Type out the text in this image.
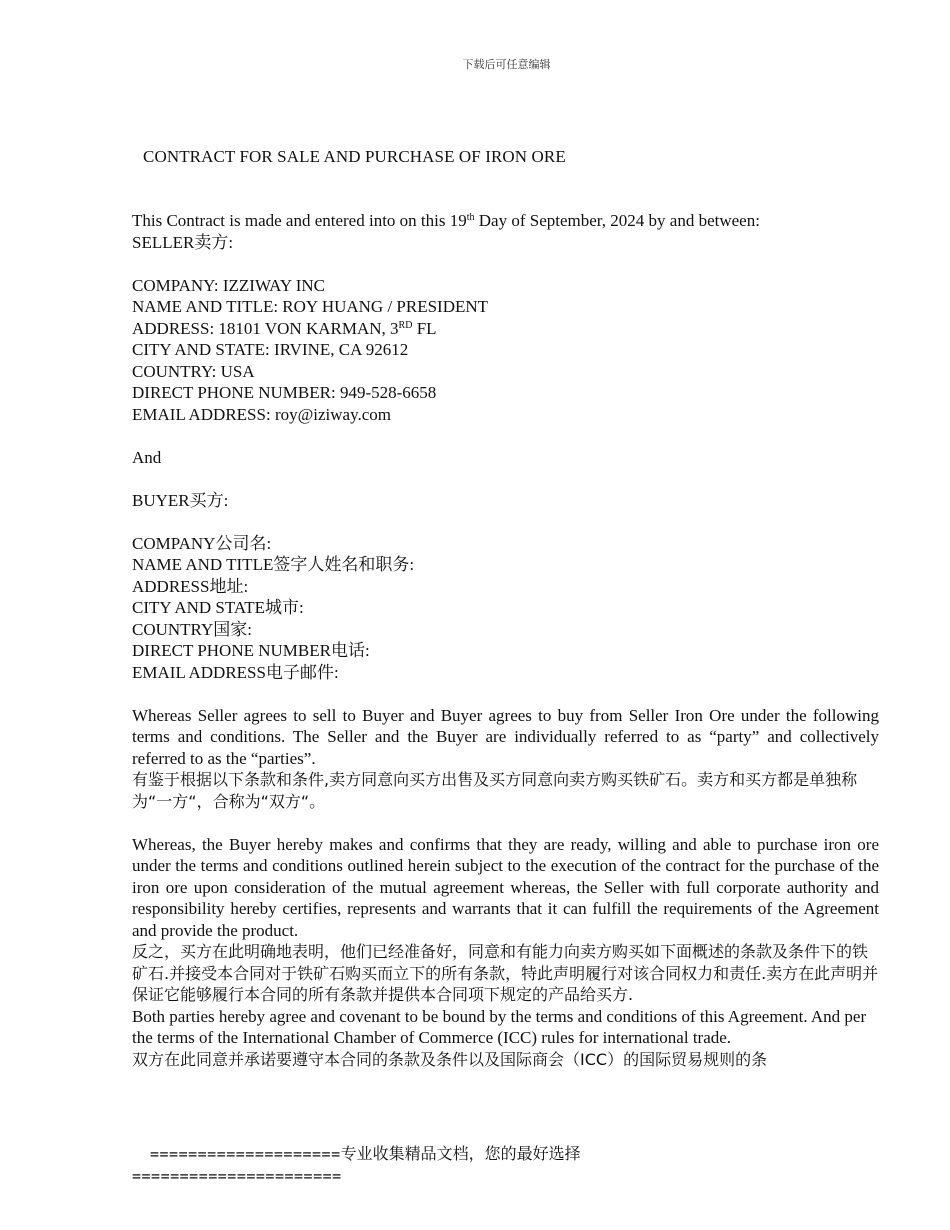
下载后可任意编辑
CONTRACT FOR SALE AND PURCHASE OF IRON ORE
This Contract is made and entered into on this 19th Day of September, 2024 by and between:
SELLER卖方:
COMPANY: IZZIWAY INC
NAME AND TITLE: ROY HUANG / PRESIDENT
ADDRESS: 18101 VON KARMAN, 3RD FL
CITY AND STATE: IRVINE, CA 92612
COUNTRY: USA
DIRECT PHONE NUMBER: 949-528-6658
EMAIL ADDRESS: roy@iziway.com
And
BUYER买方:
COMPANY公司名:
NAME AND TITLE签字人姓名和职务:
ADDRESS地址:
CITY AND STATE城市:
COUNTRY国家:
DIRECT PHONE NUMBER电话:
EMAIL ADDRESS电子邮件:
Whereas Seller agrees to sell to Buyer and Buyer agrees to buy from Seller Iron Ore under the following terms and conditions. The Seller and the Buyer are individually referred to as “party” and collectively referred to as the “parties”.
有鉴于根据以下条款和条件,卖方同意向买方出售及买方同意向卖方购买铁矿石。卖方和买方都是单独称为“一方“，合称为“双方“。
Whereas, the Buyer hereby makes and confirms that they are ready, willing and able to purchase iron ore under the terms and conditions outlined herein subject to the execution of the contract for the purchase of the iron ore upon consideration of the mutual agreement whereas, the Seller with full corporate authority and responsibility hereby certifies, represents and warrants that it can fulfill the requirements of the Agreement and provide the product.
反之，买方在此明确地表明，他们已经准备好，同意和有能力向卖方购买如下面概述的条款及条件下的铁矿石.并接受本合同对于铁矿石购买而立下的所有条款，特此声明履行对该合同权力和责任.卖方在此声明并保证它能够履行本合同的所有条款并提供本合同项下规定的产品给买方.
Both parties hereby agree and covenant to be bound by the terms and conditions of this Agreement. And per the terms of the International Chamber of Commerce (ICC) rules for international trade.
双方在此同意并承诺要遵守本合同的条款及条件以及国际商会（ICC）的国际贸易规则的条
====================专业收集精品文档，您的最好选择
======================
